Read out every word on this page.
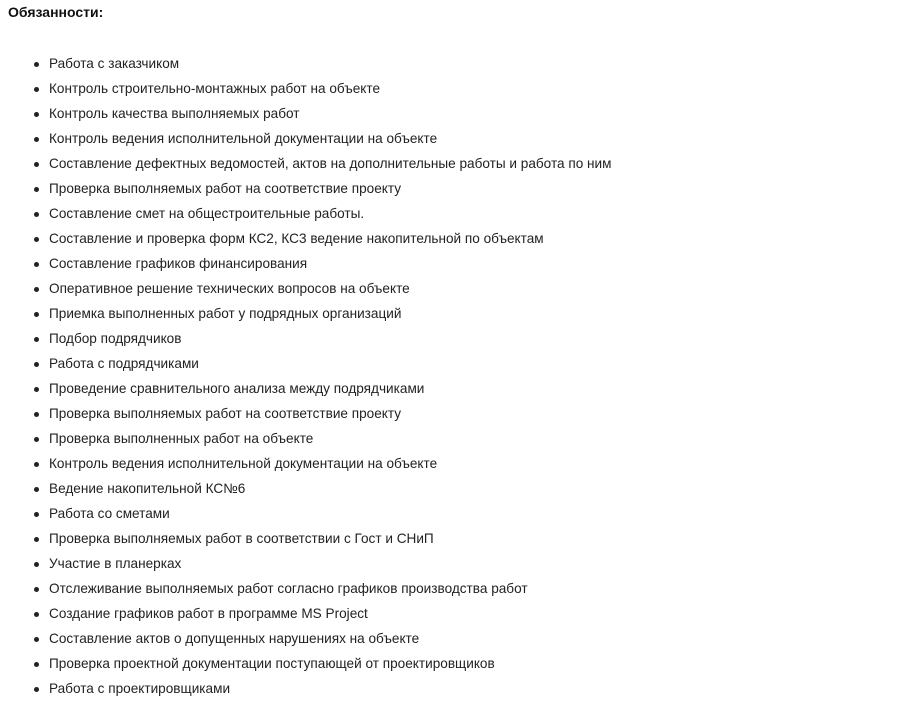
Обязанности:

Работа с заказчиком
Контроль строительно-монтажных работ на объекте
Контроль качества выполняемых работ
Контроль ведения исполнительной документации на объекте
Составление дефектных ведомостей, актов на дополнительные работы и работа по ним
Проверка выполняемых работ на соответствие проекту
Составление смет на общестроительные работы.
Составление и проверка форм КС2, КС3 ведение накопительной по объектам
Составление графиков финансирования
Оперативное решение технических вопросов на объекте
Приемка выполненных работ у подрядных организаций
Подбор подрядчиков
Работа с подрядчиками
Проведение сравнительного анализа между подрядчиками
Проверка выполняемых работ на соответствие проекту
Проверка выполненных работ на объекте
Контроль ведения исполнительной документации на объекте
Ведение накопительной КС№6
Работа со сметами
Проверка выполняемых работ в соответствии с Гост и СНиП
Участие в планерках
Отслеживание выполняемых работ согласно графиков производства работ
Создание графиков работ в программе MS Project
Составление актов о допущенных нарушениях на объекте
Проверка проектной документации поступающей от проектировщиков
Работа с проектировщиками
